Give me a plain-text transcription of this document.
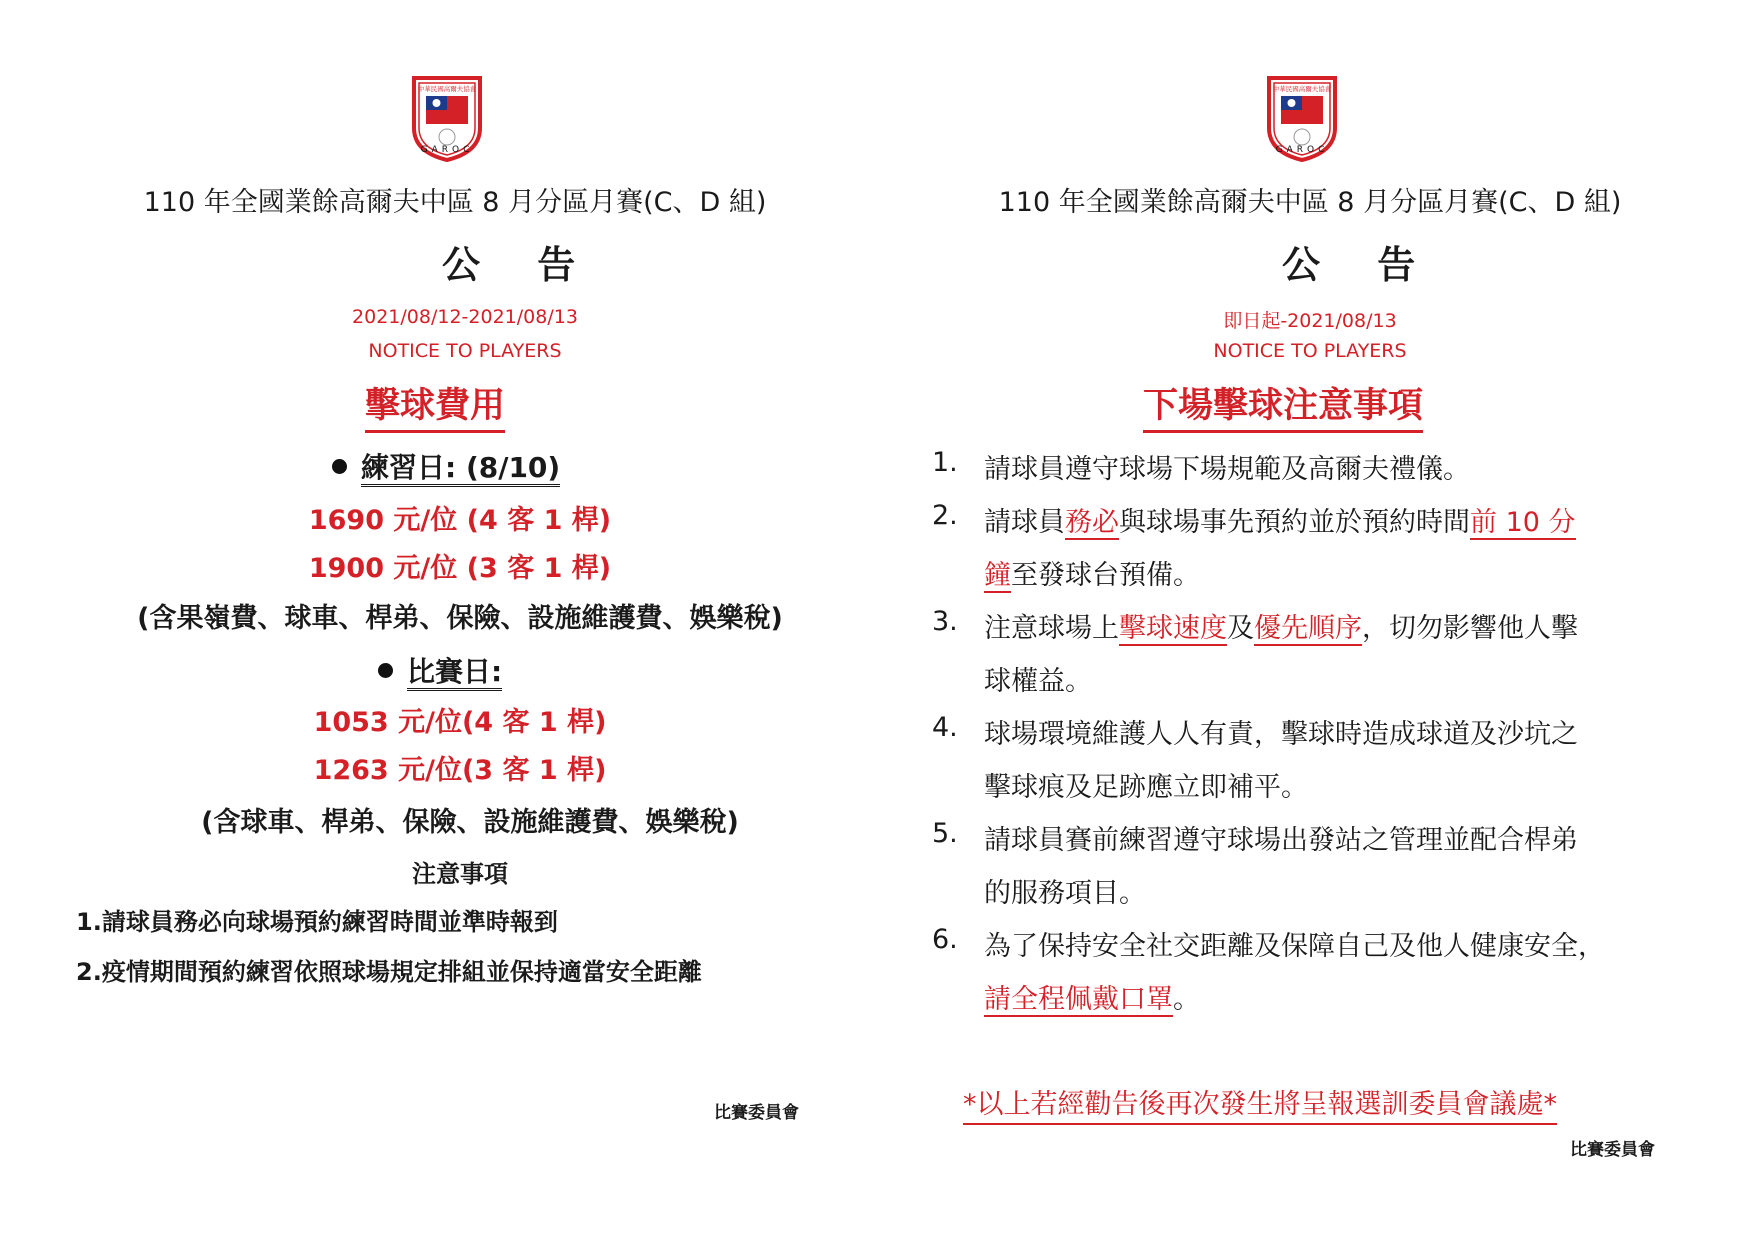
中華民國高爾夫協會
GAROC
110 年全國業餘高爾夫中區 8 月分區月賽(C、D 組)
公 告
2021/08/12-2021/08/13
NOTICE TO PLAYERS
擊球費用
練習日: (8/10)
1690 元/位 (4 客 1 桿)
1900 元/位 (3 客 1 桿)
(含果嶺費、球車、桿弟、保險、設施維護費、娛樂稅)
比賽日:
1053 元/位(4 客 1 桿)
1263 元/位(3 客 1 桿)
(含球車、桿弟、保險、設施維護費、娛樂稅)
注意事項
1.請球員務必向球場預約練習時間並準時報到
2.疫情期間預約練習依照球場規定排組並保持適當安全距離
比賽委員會
中華民國高爾夫協會
GAROC
110 年全國業餘高爾夫中區 8 月分區月賽(C、D 組)
公 告
即日起-2021/08/13
NOTICE TO PLAYERS
下場擊球注意事項
1. 請球員遵守球場下場規範及高爾夫禮儀。
2. 請球員務必與球場事先預約並於預約時間前 10 分
鐘至發球台預備。
3. 注意球場上擊球速度及優先順序，切勿影響他人擊
球權益。
4. 球場環境維護人人有責，擊球時造成球道及沙坑之
擊球痕及足跡應立即補平。
5. 請球員賽前練習遵守球場出發站之管理並配合桿弟
的服務項目。
6. 為了保持安全社交距離及保障自己及他人健康安全，
請全程佩戴口罩。
*以上若經勸告後再次發生將呈報選訓委員會議處*
比賽委員會
